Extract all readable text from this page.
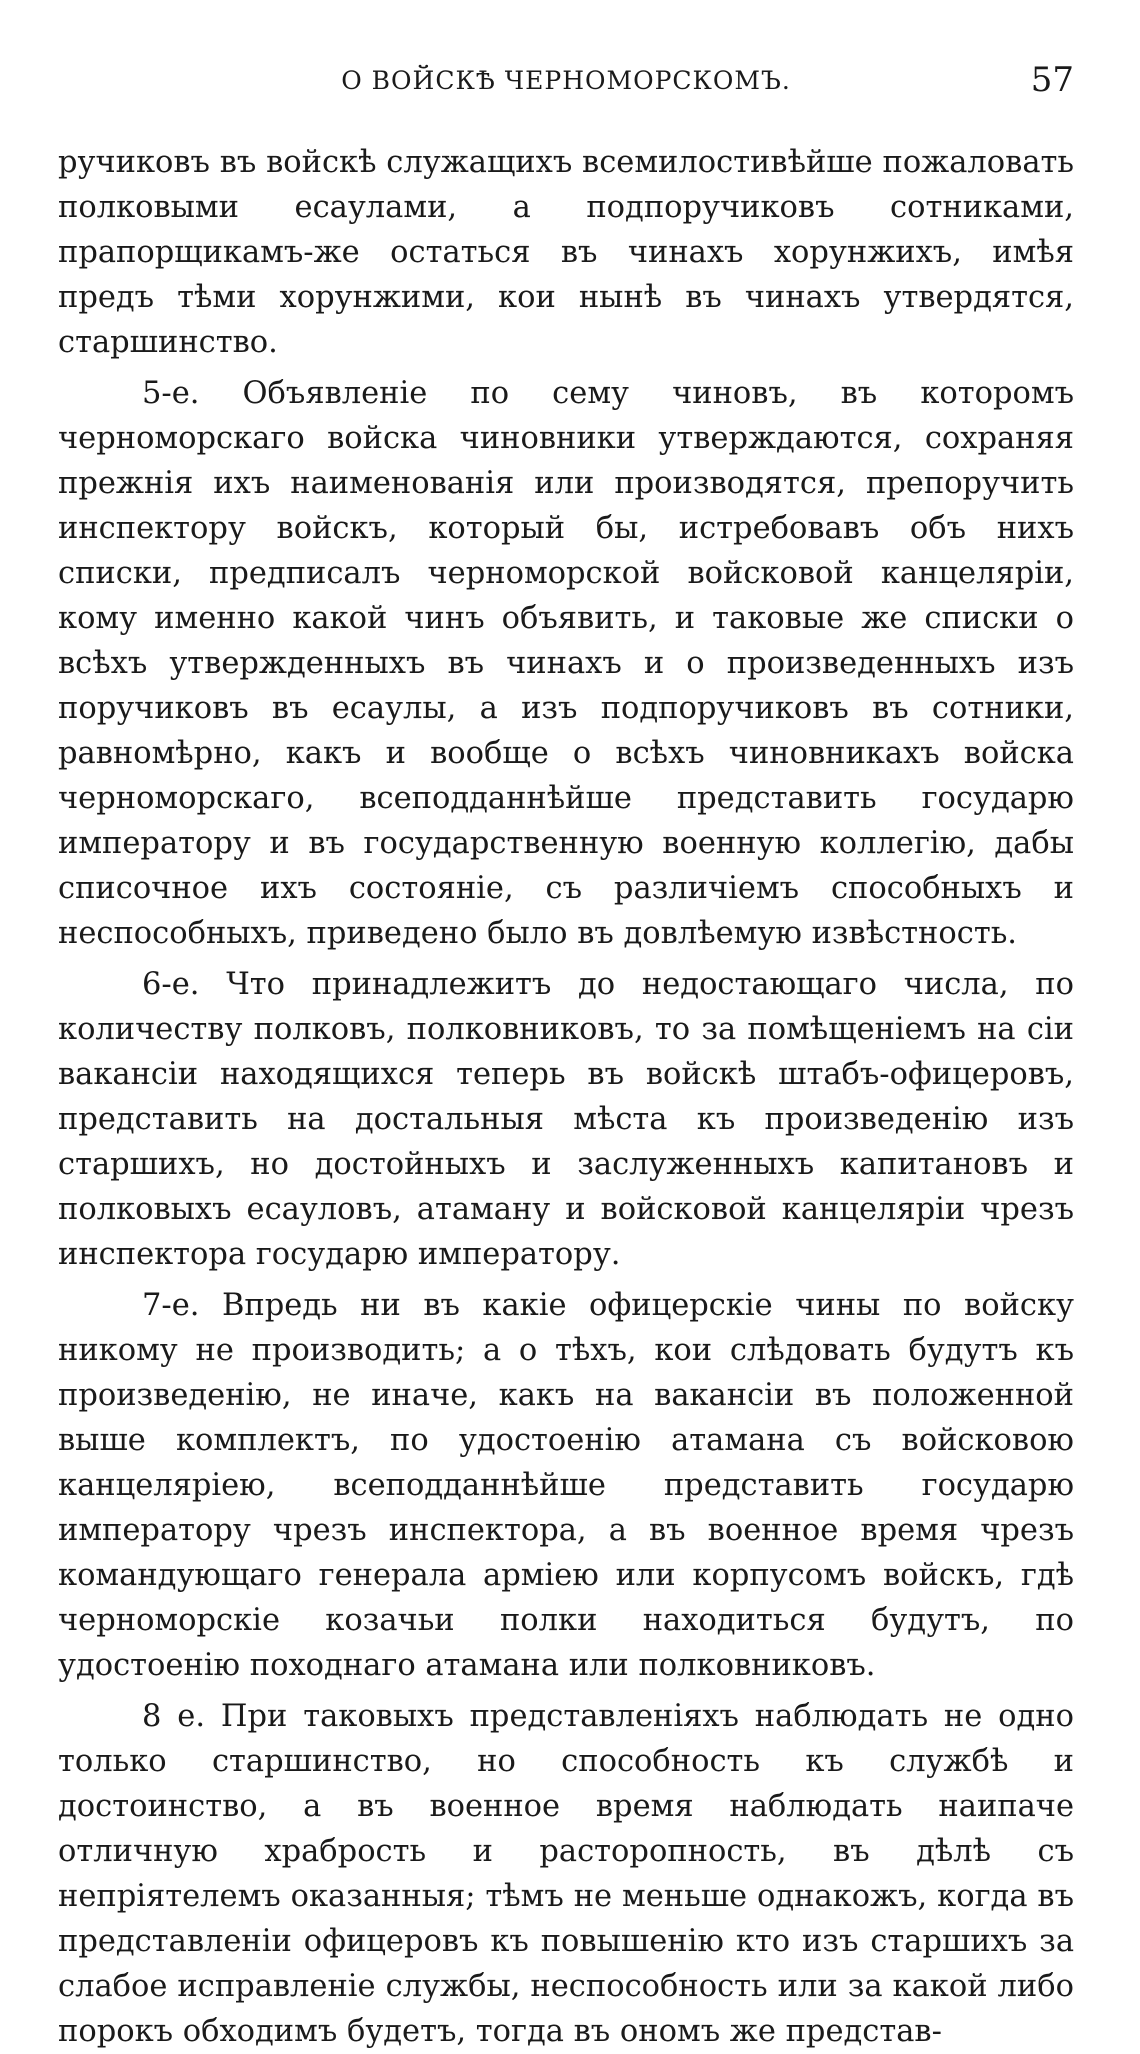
О ВОЙСКѢ ЧЕРНОМОРСКОМЪ.	57

ручиковъ въ войскѣ служащихъ всемилостивѣйше пожаловать полковыми есаулами, а подпоручиковъ сотниками, прапорщикамъ-же остаться въ чинахъ хорунжихъ, имѣя предъ тѣми хорунжими, кои нынѣ въ чинахъ утвердятся, старшинство.

5-е. Объявленіе по сему чиновъ, въ которомъ черноморскаго войска чиновники утверждаются, сохраняя прежнія ихъ наименованія или производятся, препоручить инспектору войскъ, который бы, истребовавъ объ нихъ списки, предписалъ черноморской войсковой канцеляріи, кому именно какой чинъ объявить, и таковые же списки о всѣхъ утвержденныхъ въ чинахъ и о произведенныхъ изъ поручиковъ въ есаулы, а изъ подпоручиковъ въ сотники, равномѣрно, какъ и вообще о всѣхъ чиновникахъ войска черноморскаго, всеподданнѣйше представить государю императору и въ государственную военную коллегію, дабы списочное ихъ состояніе, съ различіемъ способныхъ и неспособныхъ, приведено было въ довлѣемую извѣстность.

6-е. Что принадлежитъ до недостающаго числа, по количеству полковъ, полковниковъ, то за помѣщеніемъ на сіи вакансіи находящихся теперь въ войскѣ штабъ-офицеровъ, представить на достальныя мѣста къ произведенію изъ старшихъ, но достойныхъ и заслуженныхъ капитановъ и полковыхъ есауловъ, атаману и войсковой канцеляріи чрезъ инспектора государю императору.

7-е. Впредь ни въ какіе офицерскіе чины по войску никому не производить; а о тѣхъ, кои слѣдовать будутъ къ произведенію, не иначе, какъ на вакансіи въ положенной выше комплектъ, по удостоенію атамана съ войсковою канцеляріею, всеподданнѣйше представить государю императору чрезъ инспектора, а въ военное время чрезъ командующаго генерала арміею или корпусомъ войскъ, гдѣ черноморскіе козачьи полки находиться будутъ, по удостоенію походнаго атамана или полковниковъ.

8 е. При таковыхъ представленіяхъ наблюдать не одно только старшинство, но способность къ службѣ и достоинство, а въ военное время наблюдать наипаче отличную храбрость и расторопность, въ дѣлѣ съ непріятелемъ оказанныя; тѣмъ не меньше однакожъ, когда въ представленіи офицеровъ къ повышенію кто изъ старшихъ за слабое исправленіе службы, неспособность или за какой либо порокъ обходимъ будетъ, тогда въ ономъ же представ-
